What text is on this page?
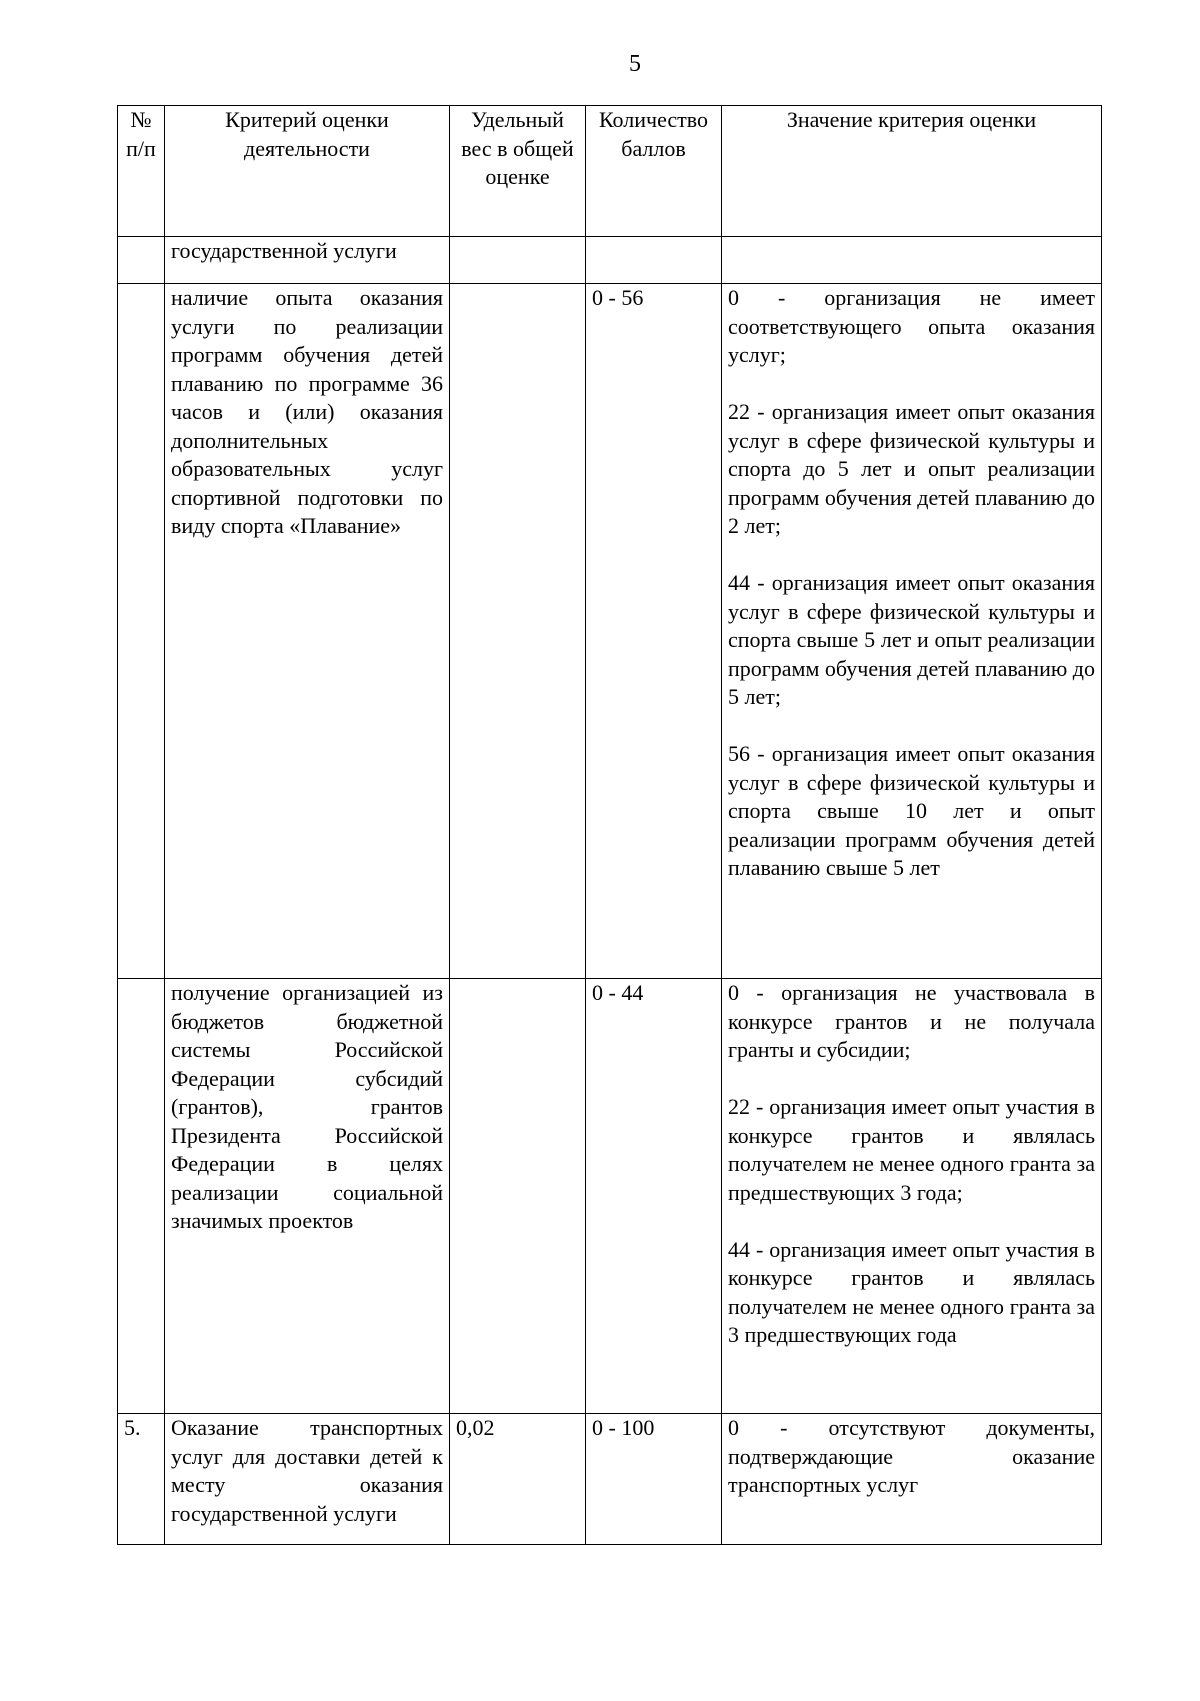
5
№ п/п	Критерий оценки деятельности	Удельный вес в общей оценке	Количество баллов	Значение критерия оценки
	государственной услуги			
	наличие опыта оказания услуги по реализации программ обучения детей плаванию по программе 36 часов и (или) оказания дополнительных образовательных услуг спортивной подготовки по виду спорта «Плавание»		0 - 56	0 - организация не имеет соответствующего опыта оказания услуг;

22 - организация имеет опыт оказания услуг в сфере физической культуры и спорта до 5 лет и опыт реализации программ обучения детей плаванию до 2 лет;

44 - организация имеет опыт оказания услуг в сфере физической культуры и спорта свыше 5 лет и опыт реализации программ обучения детей плаванию до 5 лет;

56 - организация имеет опыт оказания услуг в сфере физической культуры и спорта свыше 10 лет и опыт реализации программ обучения детей плаванию свыше 5 лет

	получение организацией из бюджетов бюджетной системы Российской Федерации субсидий (грантов), грантов Президента Российской Федерации в целях реализации социальной значимых проектов		0 - 44	0 - организация не участвовала в конкурсе грантов и не получала гранты и субсидии;

22 - организация имеет опыт участия в конкурсе грантов и являлась получателем не менее одного гранта за предшествующих 3 года;

44 - организация имеет опыт участия в конкурсе грантов и являлась получателем не менее одного гранта за 3 предшествующих года

5.	Оказание транспортных услуг для доставки детей к месту оказания государственной услуги	0,02	0 - 100	0 - отсутствуют документы, подтверждающие оказание транспортных услуг
